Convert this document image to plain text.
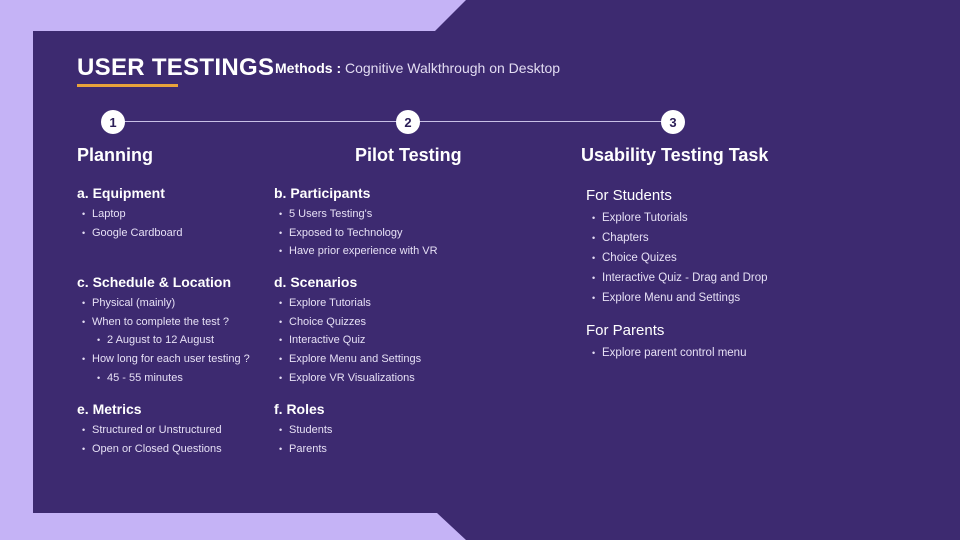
USER TESTINGS Methods : Cognitive Walkthrough on Desktop
1	2	3
Planning	Pilot Testing	Usability Testing Task
a. Equipment
• Laptop
• Google Cardboard
c. Schedule & Location
• Physical (mainly)
• When to complete the test ?
• 2 August to 12 August
• How long for each user testing ?
• 45 - 55 minutes
e. Metrics
• Structured or Unstructured
• Open or Closed Questions
b. Participants
• 5 Users Testing's
• Exposed to Technology
• Have prior experience with VR
d. Scenarios
• Explore Tutorials
• Choice Quizzes
• Interactive Quiz
• Explore Menu and Settings
• Explore VR Visualizations
f. Roles
• Students
• Parents
For Students
• Explore Tutorials
• Chapters
• Choice Quizes
• Interactive Quiz - Drag and Drop
• Explore Menu and Settings
For Parents
• Explore parent control menu
